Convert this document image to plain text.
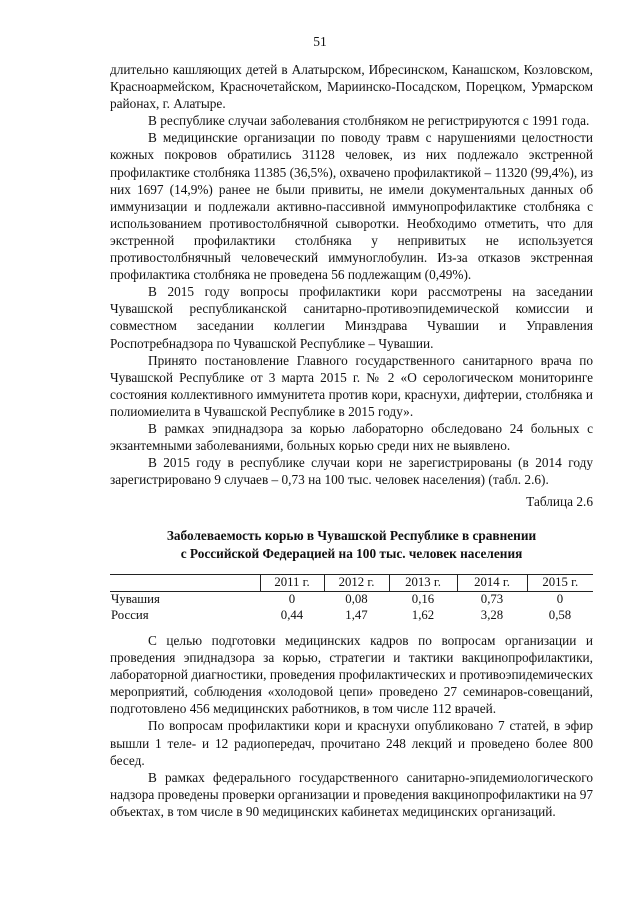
51

длительно кашляющих детей в Алатырском, Ибресинском, Канашском, Козловском, Красноармейском, Красночетайском, Мариинско-Посадском, Порецком, Урмарском районах, г. Алатыре.

В республике случаи заболевания столбняком не регистрируются с 1991 года.

В медицинские организации по поводу травм с нарушениями целостности кожных покровов обратились 31128 человек, из них подлежало экстренной профилактике столбняка 11385 (36,5%), охвачено профилактикой – 11320 (99,4%), из них 1697 (14,9%) ранее не были привиты, не имели документальных данных об иммунизации и подлежали активно-пассивной иммунопрофилактике столбняка с использованием противостолбнячной сыворотки. Необходимо отметить, что для экстренной профилактики столбняка у непривитых не используется противостолбнячный человеческий иммуноглобулин. Из-за отказов экстренная профилактика столбняка не проведена 56 подлежащим (0,49%).

В 2015 году вопросы профилактики кори рассмотрены на заседании Чувашской республиканской санитарно-противоэпидемической комиссии и совместном заседании коллегии Минздрава Чувашии и Управления Роспотребнадзора по Чувашской Республике – Чувашии.

Принято постановление Главного государственного санитарного врача по Чувашской Республике от 3 марта 2015 г. № 2 «О серологическом мониторинге состояния коллективного иммунитета против кори, краснухи, дифтерии, столбняка и полиомиелита в Чувашской Республике в 2015 году».

В рамках эпиднадзора за корью лабораторно обследовано 24 больных с экзантемными заболеваниями, больных корью среди них не выявлено.

В 2015 году в республике случаи кори не зарегистрированы (в 2014 году зарегистрировано 9 случаев – 0,73 на 100 тыс. человек населения) (табл. 2.6).

Таблица 2.6
Заболеваемость корью в Чувашской Республике в сравнении
с Российской Федерацией на 100 тыс. человек населения
	2011 г.	2012 г.	2013 г.	2014 г.	2015 г.
Чувашия	0	0,08	0,16	0,73	0
Россия	0,44	1,47	1,62	3,28	0,58

С целью подготовки медицинских кадров по вопросам организации и проведения эпиднадзора за корью, стратегии и тактики вакцинопрофилактики, лабораторной диагностики, проведения профилактических и противоэпидемических мероприятий, соблюдения «холодовой цепи» проведено 27 семинаров-совещаний, подготовлено 456 медицинских работников, в том числе 112 врачей.

По вопросам профилактики кори и краснухи опубликовано 7 статей, в эфир вышли 1 теле- и 12 радиопередач, прочитано 248 лекций и проведено более 800 бесед.

В рамках федерального государственного санитарно-эпидемиологического надзора проведены проверки организации и проведения вакцинопрофилактики на 97 объектах, в том числе в 90 медицинских кабинетах медицинских организаций.
